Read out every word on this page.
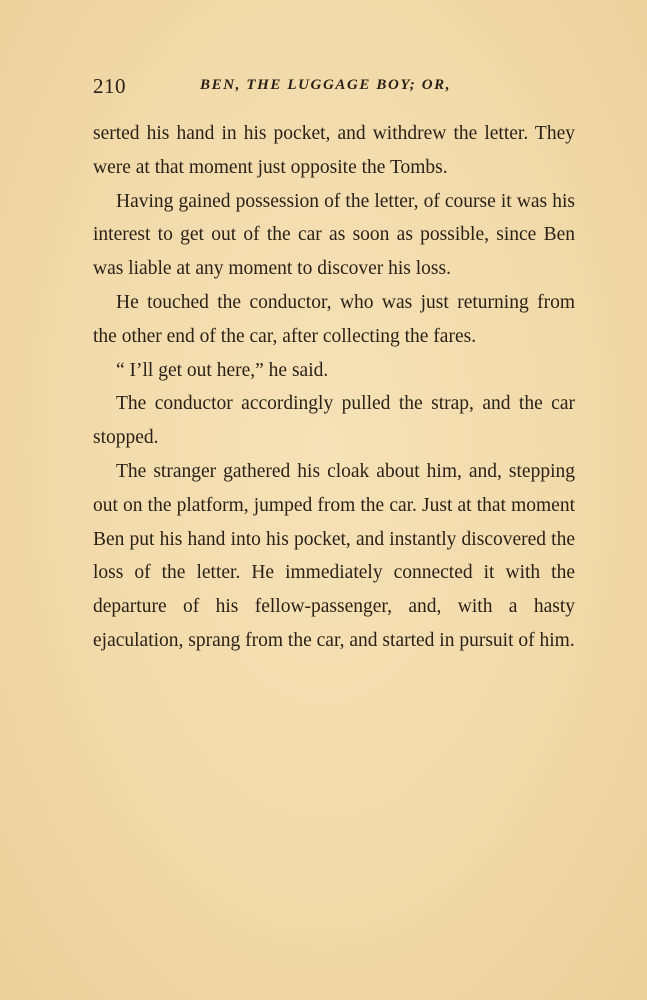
210	BEN, THE LUGGAGE BOY; OR,

serted his hand in his pocket, and withdrew the letter. They were at that moment just opposite the Tombs.

Having gained possession of the letter, of course it was his interest to get out of the car as soon as possible, since Ben was liable at any moment to discover his loss.

He touched the conductor, who was just returning from the other end of the car, after collecting the fares.

“ I’ll get out here,” he said.

The conductor accordingly pulled the strap, and the car stopped.

The stranger gathered his cloak about him, and, stepping out on the platform, jumped from the car. Just at that moment Ben put his hand into his pocket, and instantly discovered the loss of the letter. He immediately connected it with the departure of his fellow-passenger, and, with a hasty ejaculation, sprang from the car, and started in pursuit of him.
